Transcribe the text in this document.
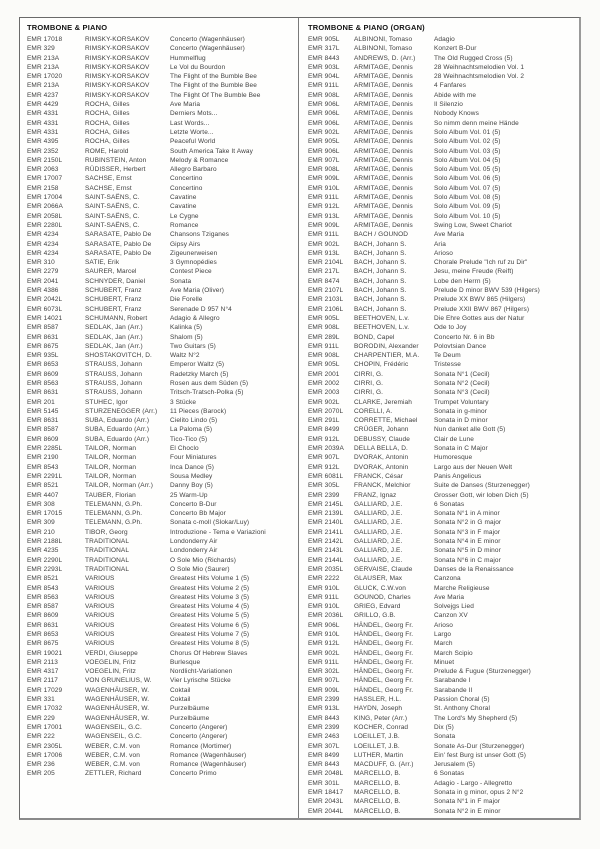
TROMBONE & PIANO
EMR 17018	RIMSKY-KORSAKOV	Concerto (Wagenhäuser)
EMR 329	RIMSKY-KORSAKOV	Concerto (Wagenhäuser)
EMR 213A	RIMSKY-KORSAKOV	Hummelflug
EMR 213A	RIMSKY-KORSAKOV	Le Vol du Bourdon
EMR 17020	RIMSKY-KORSAKOV	The Flight of the Bumble Bee
EMR 213A	RIMSKY-KORSAKOV	The Flight of the Bumble Bee
EMR 4237	RIMSKY-KORSAKOV	The Flight Of The Bumble Bee
EMR 4429	ROCHA, Gilles	Ave Maria
EMR 4331	ROCHA, Gilles	Derniers Mots...
EMR 4331	ROCHA, Gilles	Last Words...
EMR 4331	ROCHA, Gilles	Letzte Worte...
EMR 4395	ROCHA, Gilles	Peaceful World
EMR 2352	ROME, Harold	South America Take It Away
EMR 2150L	RUBINSTEIN, Anton	Melody & Romance
EMR 2063	RÜDISSER, Herbert	Allegro Barbaro
EMR 17007	SACHSE, Ernst	Concertino
EMR 2158	SACHSE, Ernst	Concertino
EMR 17004	SAINT-SAËNS, C.	Cavatine
EMR 2066A	SAINT-SAËNS, C.	Cavatine
EMR 2058L	SAINT-SAËNS, C.	Le Cygne
EMR 2280L	SAINT-SAËNS, C.	Romance
EMR 4234	SARASATE, Pablo De	Chansons Tziganes
EMR 4234	SARASATE, Pablo De	Gipsy Airs
EMR 4234	SARASATE, Pablo De	Zigeunerweisen
EMR 310	SATIE, Erik	3 Gymnopédies
EMR 2279	SAURER, Marcel	Contest Piece
EMR 2041	SCHNYDER, Daniel	Sonata
EMR 4386	SCHUBERT, Franz	Ave Maria (Oliver)
EMR 2042L	SCHUBERT, Franz	Die Forelle
EMR 6073L	SCHUBERT, Franz	Serenade D 957 N°4
EMR 14021	SCHUMANN, Robert	Adagio & Allegro
EMR 8587	SEDLAK, Jan (Arr.)	Kalinka (5)
EMR 8631	SEDLAK, Jan (Arr.)	Shalom (5)
EMR 8675	SEDLAK, Jan (Arr.)	Two Guitars (5)
EMR 935L	SHOSTAKOVITCH, D.	Waltz N°2
EMR 8653	STRAUSS, Johann	Emperor Waltz (5)
EMR 8609	STRAUSS, Johann	Radetzky March (5)
EMR 8563	STRAUSS, Johann	Rosen aus dem Süden (5)
EMR 8631	STRAUSS, Johann	Tritsch-Tratsch-Polka (5)
EMR 201	STUHEC, Igor	3 Stücke
EMR 5145	STURZENEGGER (Arr.)	11 Pieces (Barock)
EMR 8631	SUBA, Eduardo (Arr.)	Cielito Lindo (5)
EMR 8587	SUBA, Eduardo (Arr.)	La Paloma (5)
EMR 8609	SUBA, Eduardo (Arr.)	Tico-Tico (5)
EMR 2285L	TAILOR, Norman	El Choclo
EMR 2190	TAILOR, Norman	Four Miniatures
EMR 8543	TAILOR, Norman	Inca Dance (5)
EMR 2291L	TAILOR, Norman	Sousa Medley
EMR 8521	TAILOR, Norman (Arr.)	Danny Boy (5)
EMR 4407	TAUBER, Florian	25 Warm-Up
EMR 308	TELEMANN, G.Ph.	Concerto B-Dur
EMR 17015	TELEMANN, G.Ph.	Concerto Bb Major
EMR 309	TELEMANN, G.Ph.	Sonata c-moll (Slokar/Luy)
EMR 210	TIBOR, Georg	Introduzione - Tema e Variazioni
EMR 2188L	TRADITIONAL	Londonderry Air
EMR 4235	TRADITIONAL	Londonderry Air
EMR 2290L	TRADITIONAL	O Sole Mio (Richards)
EMR 2293L	TRADITIONAL	O Sole Mio (Saurer)
EMR 8521	VARIOUS	Greatest Hits Volume 1 (5)
EMR 8543	VARIOUS	Greatest Hits Volume 2 (5)
EMR 8563	VARIOUS	Greatest Hits Volume 3 (5)
EMR 8587	VARIOUS	Greatest Hits Volume 4 (5)
EMR 8609	VARIOUS	Greatest Hits Volume 5 (5)
EMR 8631	VARIOUS	Greatest Hits Volume 6 (5)
EMR 8653	VARIOUS	Greatest Hits Volume 7 (5)
EMR 8675	VARIOUS	Greatest Hits Volume 8 (5)
EMR 19021	VERDI, Giuseppe	Chorus Of Hebrew Slaves
EMR 2113	VOEGELIN, Fritz	Burlesque
EMR 4317	VOEGELIN, Fritz	Nordlicht-Variationen
EMR 2117	VON GRUNELIUS, W.	Vier Lyrische Stücke
EMR 17029	WAGENHÄUSER, W.	Coktail
EMR 331	WAGENHÄUSER, W.	Coktail
EMR 17032	WAGENHÄUSER, W.	Purzelbäume
EMR 229	WAGENHÄUSER, W.	Purzelbäume
EMR 17001	WAGENSEIL, G.C.	Concerto (Angerer)
EMR 222	WAGENSEIL, G.C.	Concerto (Angerer)
EMR 2305L	WEBER, C.M. von	Romance (Mortimer)
EMR 17006	WEBER, C.M. von	Romance (Wagenhäuser)
EMR 236	WEBER, C.M. von	Romance (Wagenhäuser)
EMR 205	ZETTLER, Richard	Concerto Primo
TROMBONE & PIANO (ORGAN)
EMR 905L	ALBINONI, Tomaso	Adagio
EMR 317L	ALBINONI, Tomaso	Konzert B-Dur
EMR 8443	ANDREWS, D. (Arr.)	The Old Rugged Cross (5)
EMR 903L	ARMITAGE, Dennis	28 Weihnachtsmelodien Vol. 1
EMR 904L	ARMITAGE, Dennis	28 Weihnachtsmelodien Vol. 2
EMR 911L	ARMITAGE, Dennis	4 Fanfares
EMR 908L	ARMITAGE, Dennis	Abide with me
EMR 906L	ARMITAGE, Dennis	Il Silenzio
EMR 906L	ARMITAGE, Dennis	Nobody Knows
EMR 906L	ARMITAGE, Dennis	So nimm denn meine Hände
EMR 902L	ARMITAGE, Dennis	Solo Album Vol. 01 (5)
EMR 905L	ARMITAGE, Dennis	Solo Album Vol. 02 (5)
EMR 906L	ARMITAGE, Dennis	Solo Album Vol. 03 (5)
EMR 907L	ARMITAGE, Dennis	Solo Album Vol. 04 (5)
EMR 908L	ARMITAGE, Dennis	Solo Album Vol. 05 (5)
EMR 909L	ARMITAGE, Dennis	Solo Album Vol. 06 (5)
EMR 910L	ARMITAGE, Dennis	Solo Album Vol. 07 (5)
EMR 911L	ARMITAGE, Dennis	Solo Album Vol. 08 (5)
EMR 912L	ARMITAGE, Dennis	Solo Album Vol. 09 (5)
EMR 913L	ARMITAGE, Dennis	Solo Album Vol. 10 (5)
EMR 909L	ARMITAGE, Dennis	Swing Low, Sweet Chariot
EMR 911L	BACH / GOUNOD	Ave Maria
EMR 902L	BACH, Johann S.	Aria
EMR 913L	BACH, Johann S.	Arioso
EMR 2104L	BACH, Johann S.	Chorale Prelude "Ich ruf zu Dir"
EMR 217L	BACH, Johann S.	Jesu, meine Freude (Reift)
EMR 8474	BACH, Johann S.	Lobe den Herrn (5)
EMR 2107L	BACH, Johann S.	Prelude D minor BWV 539 (Hilgers)
EMR 2103L	BACH, Johann S.	Prelude XX BWV 865 (Hilgers)
EMR 2106L	BACH, Johann S.	Prelude XXII BWV 867 (Hilgers)
EMR 905L	BEETHOVEN, L.v.	Die Ehre Gottes aus der Natur
EMR 908L	BEETHOVEN, L.v.	Ode to Joy
EMR 289L	BOND, Capel	Concerto Nr. 6 in Bb
EMR 911L	BORODIN, Alexander	Polovtsian Dance
EMR 908L	CHARPENTIER, M.A.	Te Deum
EMR 905L	CHOPIN, Frédéric	Tristesse
EMR 2001	CIRRI, G.	Sonata N°1 (Cecil)
EMR 2002	CIRRI, G.	Sonata N°2 (Cecil)
EMR 2003	CIRRI, G.	Sonata N°3 (Cecil)
EMR 902L	CLARKE, Jeremiah	Trumpet Voluntary
EMR 2070L	CORELLI, A.	Sonata in g-minor
EMR 291L	CORRETTE, Michael	Sonata in D minor
EMR 8499	CRÜGER, Johann	Nun danket alle Gott (5)
EMR 912L	DEBUSSY, Claude	Clair de Lune
EMR 2039A	DELLA BELLA, D.	Sonata in C Major
EMR 907L	DVORAK, Antonin	Humoresque
EMR 912L	DVORAK, Antonin	Largo aus der Neuen Welt
EMR 6081L	FRANCK, César	Panis Angelicus
EMR 305L	FRANCK, Melchior	Suite de Danses (Sturzenegger)
EMR 2399	FRANZ, Ignaz	Grosser Gott, wir loben Dich (5)
EMR 2145L	GALLIARD, J.E.	6 Sonatas
EMR 2139L	GALLIARD, J.E.	Sonata N°1 in A minor
EMR 2140L	GALLIARD, J.E.	Sonata N°2 in G major
EMR 2141L	GALLIARD, J.E.	Sonata N°3 in F major
EMR 2142L	GALLIARD, J.E.	Sonata N°4 in E minor
EMR 2143L	GALLIARD, J.E.	Sonata N°5 in D minor
EMR 2144L	GALLIARD, J.E.	Sonata N°6 in C major
EMR 2035L	GERVAISE, Claude	Danses de la Renaissance
EMR 2222	GLAUSER, Max	Canzona
EMR 910L	GLUCK, C.W.von	Marche Religieuse
EMR 911L	GOUNOD, Charles	Ave Maria
EMR 910L	GRIEG, Edvard	Solvejgs Lied
EMR 2036L	GRILLO, G.B.	Canzon XV
EMR 906L	HÄNDEL, Georg Fr.	Arioso
EMR 910L	HÄNDEL, Georg Fr.	Largo
EMR 912L	HÄNDEL, Georg Fr.	March
EMR 902L	HÄNDEL, Georg Fr.	March Scipio
EMR 911L	HÄNDEL, Georg Fr.	Minuet
EMR 302L	HÄNDEL, Georg Fr.	Prelude & Fugue (Sturzenegger)
EMR 907L	HÄNDEL, Georg Fr.	Sarabande I
EMR 909L	HÄNDEL, Georg Fr.	Sarabande II
EMR 2399	HASSLER, H.L.	Passion Choral (5)
EMR 913L	HAYDN, Joseph	St. Anthony Choral
EMR 8443	KING, Peter (Arr.)	The Lord's My Shepherd (5)
EMR 2399	KOCHER, Conrad	Dix (5)
EMR 2463	LOEILLET, J.B.	Sonata
EMR 307L	LOEILLET, J.B.	Sonate As-Dur (Sturzenegger)
EMR 8499	LUTHER, Martin	Ein' fest Burg ist unser Gott (5)
EMR 8443	MACDUFF, G. (Arr.)	Jerusalem (5)
EMR 2048L	MARCELLO, B.	6 Sonatas
EMR 301L	MARCELLO, B.	Adagio - Largo - Allegretto
EMR 18417	MARCELLO, B.	Sonata in g minor, opus 2 N°2
EMR 2043L	MARCELLO, B.	Sonata N°1 in F major
EMR 2044L	MARCELLO, B.	Sonata N°2 in E minor
